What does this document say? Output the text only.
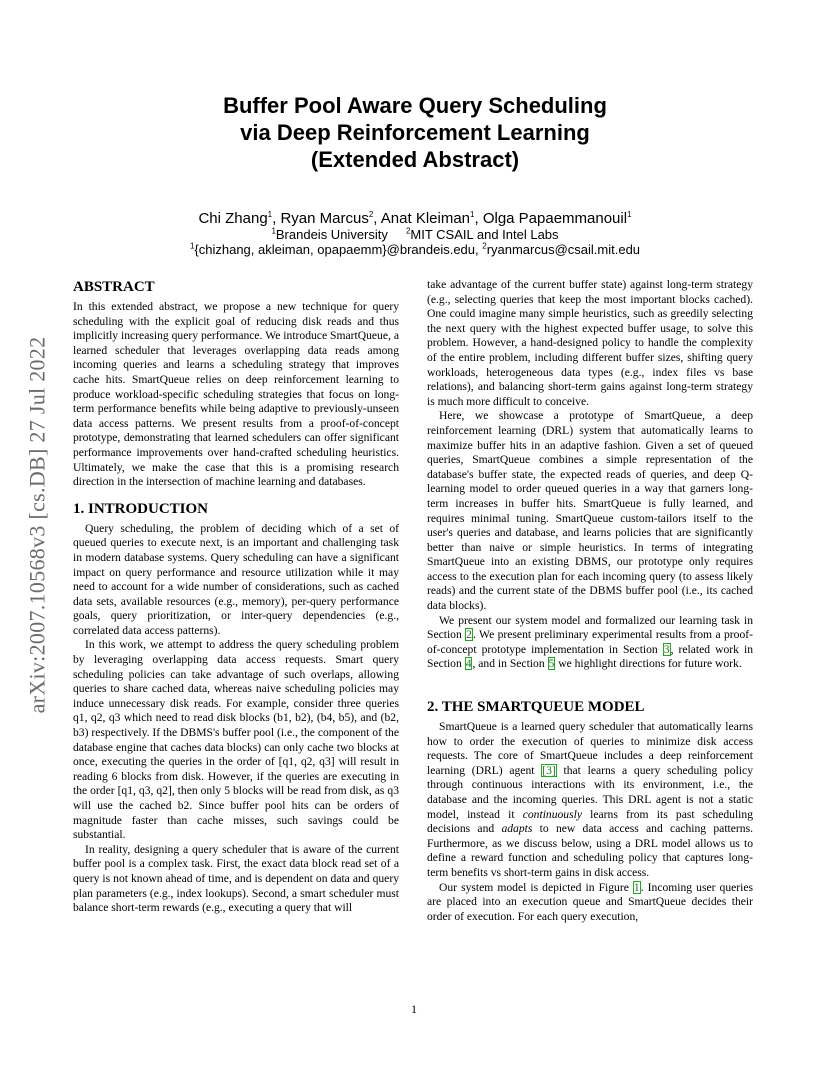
arXiv:2007.10568v3 [cs.DB] 27 Jul 2022
Buffer Pool Aware Query Scheduling
via Deep Reinforcement Learning
(Extended Abstract)
Chi Zhang$^1$, Ryan Marcus$^2$, Anat Kleiman$^1$, Olga Papaemmanouil$^1$
$^1$Brandeis University $^2$MIT CSAIL and Intel Labs
$^1${chizhang, akleiman, opapaemm}@brandeis.edu, $^2$ryanmarcus@csail.mit.edu
ABSTRACT

In this extended abstract, we propose a new technique for query scheduling with the explicit goal of reducing disk reads and thus implicitly increasing query performance. We introduce SmartQueue, a learned scheduler that leverages overlapping data reads among incoming queries and learns a scheduling strategy that improves cache hits. SmartQueue relies on deep reinforcement learning to produce workload-specific scheduling strategies that focus on long-term performance benefits while being adaptive to previously-unseen data access patterns. We present results from a proof-of-concept prototype, demonstrating that learned schedulers can offer significant performance improvements over hand-crafted scheduling heuristics. Ultimately, we make the case that this is a promising research direction in the intersection of machine learning and databases.

1. INTRODUCTION

Query scheduling, the problem of deciding which of a set of queued queries to execute next, is an important and challenging task in modern database systems. Query scheduling can have a significant impact on query performance and resource utilization while it may need to account for a wide number of considerations, such as cached data sets, available resources (e.g., memory), per-query performance goals, query prioritization, or inter-query dependencies (e.g., correlated data access patterns).

In this work, we attempt to address the query scheduling problem by leveraging overlapping data access requests. Smart query scheduling policies can take advantage of such overlaps, allowing queries to share cached data, whereas naive scheduling policies may induce unnecessary disk reads. For example, consider three queries q1, q2, q3 which need to read disk blocks (b1, b2), (b4, b5), and (b2, b3) respectively. If the DBMS's buffer pool (i.e., the component of the database engine that caches data blocks) can only cache two blocks at once, executing the queries in the order of [q1, q2, q3] will result in reading 6 blocks from disk. However, if the queries are executing in the order [q1, q3, q2], then only 5 blocks will be read from disk, as q3 will use the cached b2. Since buffer pool hits can be orders of magnitude faster than cache misses, such savings could be substantial.

In reality, designing a query scheduler that is aware of the current buffer pool is a complex task. First, the exact data block read set of a query is not known ahead of time, and is dependent on data and query plan parameters (e.g., index lookups). Second, a smart scheduler must balance short-term rewards (e.g., executing a query that will

take advantage of the current buffer state) against long-term strategy (e.g., selecting queries that keep the most important blocks cached). One could imagine many simple heuristics, such as greedily selecting the next query with the highest expected buffer usage, to solve this problem. However, a hand-designed policy to handle the complexity of the entire problem, including different buffer sizes, shifting query workloads, heterogeneous data types (e.g., index files vs base relations), and balancing short-term gains against long-term strategy is much more difficult to conceive.

Here, we showcase a prototype of SmartQueue, a deep reinforcement learning (DRL) system that automatically learns to maximize buffer hits in an adaptive fashion. Given a set of queued queries, SmartQueue combines a simple representation of the database's buffer state, the expected reads of queries, and deep Q-learning model to order queued queries in a way that garners long-term increases in buffer hits. SmartQueue is fully learned, and requires minimal tuning. SmartQueue custom-tailors itself to the user's queries and database, and learns policies that are significantly better than naive or simple heuristics. In terms of integrating SmartQueue into an existing DBMS, our prototype only requires access to the execution plan for each incoming query (to assess likely reads) and the current state of the DBMS buffer pool (i.e., its cached data blocks).

We present our system model and formalized our learning task in Section 2. We present preliminary experimental results from a proof-of-concept prototype implementation in Section 3, related work in Section 4, and in Section 5 we highlight directions for future work.

2. THE SMARTQUEUE MODEL

SmartQueue is a learned query scheduler that automatically learns how to order the execution of queries to minimize disk access requests. The core of SmartQueue includes a deep reinforcement learning (DRL) agent [3] that learns a query scheduling policy through continuous interactions with its environment, i.e., the database and the incoming queries. This DRL agent is not a static model, instead it continuously learns from its past scheduling decisions and adapts to new data access and caching patterns. Furthermore, as we discuss below, using a DRL model allows us to define a reward function and scheduling policy that captures long-term benefits vs short-term gains in disk access.

Our system model is depicted in Figure 1. Incoming user queries are placed into an execution queue and SmartQueue decides their order of execution. For each query execution,

1
